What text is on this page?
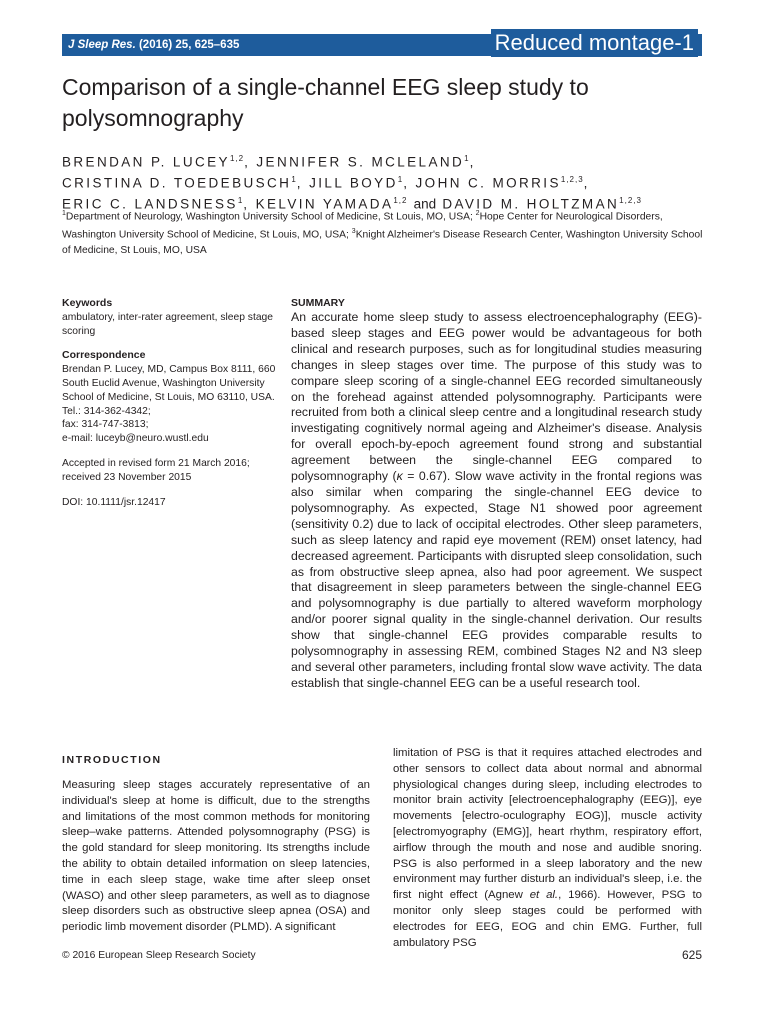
J Sleep Res. (2016) 25, 625–635	Reduced montage-1
Comparison of a single-channel EEG sleep study to polysomnography
BRENDAN P. LUCEY$^{1,2}$, JENNIFER S. MCLELAND$^1$,
CRISTINA D. TOEDEBUSCH$^1$, JILL BOYD$^1$, JOHN C. MORRIS$^{1,2,3}$,
ERIC C. LANDSNESS$^1$, KELVIN YAMADA$^{1,2}$ and DAVID M. HOLTZMAN$^{1,2,3}$
$^1$Department of Neurology, Washington University School of Medicine, St Louis, MO, USA; $^2$Hope Center for Neurological Disorders, Washington University School of Medicine, St Louis, MO, USA; $^3$Knight Alzheimer's Disease Research Center, Washington University School of Medicine, St Louis, MO, USA
Keywords
ambulatory, inter-rater agreement, sleep stage scoring
Correspondence
Brendan P. Lucey, MD, Campus Box 8111, 660
South Euclid Avenue, Washington University
School of Medicine, St Louis, MO 63110, USA.
Tel.: 314-362-4342;
fax: 314-747-3813;
e-mail: luceyb@neuro.wustl.edu
Accepted in revised form 21 March 2016;
received 23 November 2015
DOI: 10.1111/jsr.12417
SUMMARY

An accurate home sleep study to assess electroencephalography (EEG)-based sleep stages and EEG power would be advantageous for both clinical and research purposes, such as for longitudinal studies measuring changes in sleep stages over time. The purpose of this study was to compare sleep scoring of a single-channel EEG recorded simultaneously on the forehead against attended polysomnography. Participants were recruited from both a clinical sleep centre and a longitudinal research study investigating cognitively normal ageing and Alzheimer's disease. Analysis for overall epoch-by-epoch agreement found strong and substantial agreement between the single-channel EEG compared to polysomnography (κ = 0.67). Slow wave activity in the frontal regions was also similar when comparing the single-channel EEG device to polysomnography. As expected, Stage N1 showed poor agreement (sensitivity 0.2) due to lack of occipital electrodes. Other sleep parameters, such as sleep latency and rapid eye movement (REM) onset latency, had decreased agreement. Participants with disrupted sleep consolidation, such as from obstructive sleep apnea, also had poor agreement. We suspect that disagreement in sleep parameters between the single-channel EEG and polysomnography is due partially to altered waveform morphology and/or poorer signal quality in the single-channel derivation. Our results show that single-channel EEG provides comparable results to polysomnography in assessing REM, combined Stages N2 and N3 sleep and several other parameters, including frontal slow wave activity. The data establish that single-channel EEG can be a useful research tool.

INTRODUCTION

Measuring sleep stages accurately representative of an individual's sleep at home is difficult, due to the strengths and limitations of the most common methods for monitoring sleep–wake patterns. Attended polysomnography (PSG) is the gold standard for sleep monitoring. Its strengths include the ability to obtain detailed information on sleep latencies, time in each sleep stage, wake time after sleep onset (WASO) and other sleep parameters, as well as to diagnose sleep disorders such as obstructive sleep apnea (OSA) and periodic limb movement disorder (PLMD). A significant

limitation of PSG is that it requires attached electrodes and other sensors to collect data about normal and abnormal physiological changes during sleep, including electrodes to monitor brain activity [electroencephalography (EEG)], eye movements [electro-oculography EOG)], muscle activity [electromyography (EMG)], heart rhythm, respiratory effort, airflow through the mouth and nose and audible snoring. PSG is also performed in a sleep laboratory and the new environment may further disturb an individual's sleep, i.e. the first night effect (Agnew et al., 1966). However, PSG to monitor only sleep stages could be performed with electrodes for EEG, EOG and chin EMG. Further, full ambulatory PSG

© 2016 European Sleep Research Society	625
